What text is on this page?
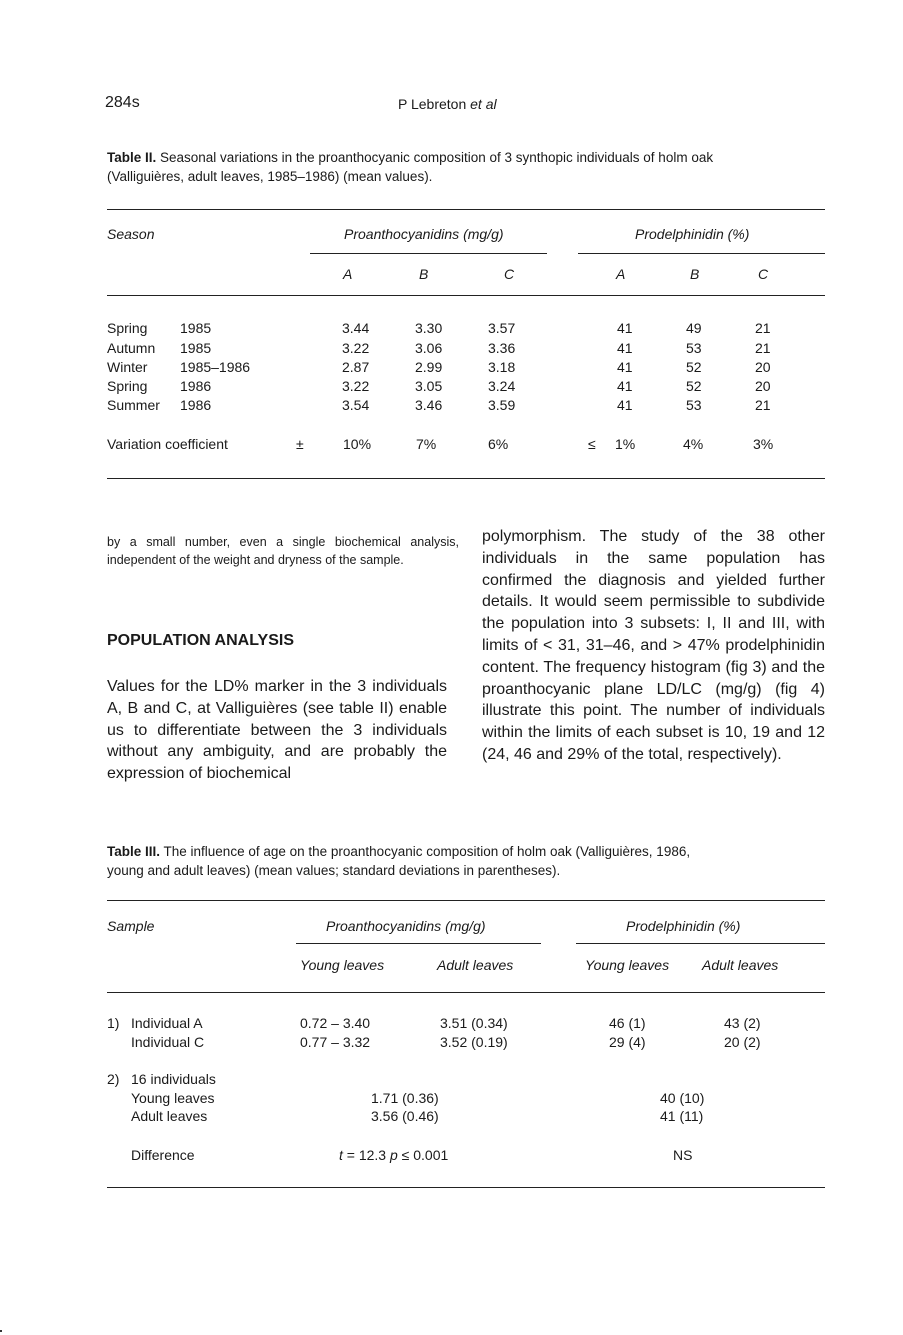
284s	P Lebreton et al
Table II. Seasonal variations in the proanthocyanic composition of 3 synthopic individuals of holm oak
(Valliguières, adult leaves, 1985–1986) (mean values).
Season	Proanthocyanidins (mg/g)	Prodelphinidin (%)
A	B	C	A	B	C
Spring 1985	3.44	3.30	3.57	41	49	21
Autumn 1985	3.22	3.06	3.36	41	53	21
Winter 1985–1986	2.87	2.99	3.18	41	52	20
Spring 1986	3.22	3.05	3.24	41	52	20
Summer 1986	3.54	3.46	3.59	41	53	21
Variation coefficient	±	10%	7%	6%	≤ 1%	4%	3%
by a small number, even a single biochemical analysis, independent of the weight and dryness of the sample.
POPULATION ANALYSIS
Values for the LD% marker in the 3 individuals A, B and C, at Valliguières (see table II) enable us to differentiate between the 3 individuals without any ambiguity, and are probably the expression of biochemical
polymorphism. The study of the 38 other individuals in the same population has confirmed the diagnosis and yielded further details. It would seem permissible to subdivide the population into 3 subsets: I, II and III, with limits of < 31, 31–46, and > 47% prodelphinidin content. The frequency histogram (fig 3) and the proanthocyanic plane LD/LC (mg/g) (fig 4) illustrate this point. The number of individuals within the limits of each subset is 10, 19 and 12 (24, 46 and 29% of the total, respectively).
Table III. The influence of age on the proanthocyanic composition of holm oak (Valliguières, 1986,
young and adult leaves) (mean values; standard deviations in parentheses).
Sample	Proanthocyanidins (mg/g)	Prodelphinidin (%)
Young leaves	Adult leaves	Young leaves Adult leaves
1) Individual A	0.72 – 3.40	3.51 (0.34)	46 (1)	43 (2)
Individual C	0.77 – 3.32	3.52 (0.19)	29 (4)	20 (2)
2) 16 individuals
Young leaves	1.71 (0.36)	40 (10)
Adult leaves	3.56 (0.46)	41 (11)
Difference	t = 12.3 p ≤ 0.001	NS
